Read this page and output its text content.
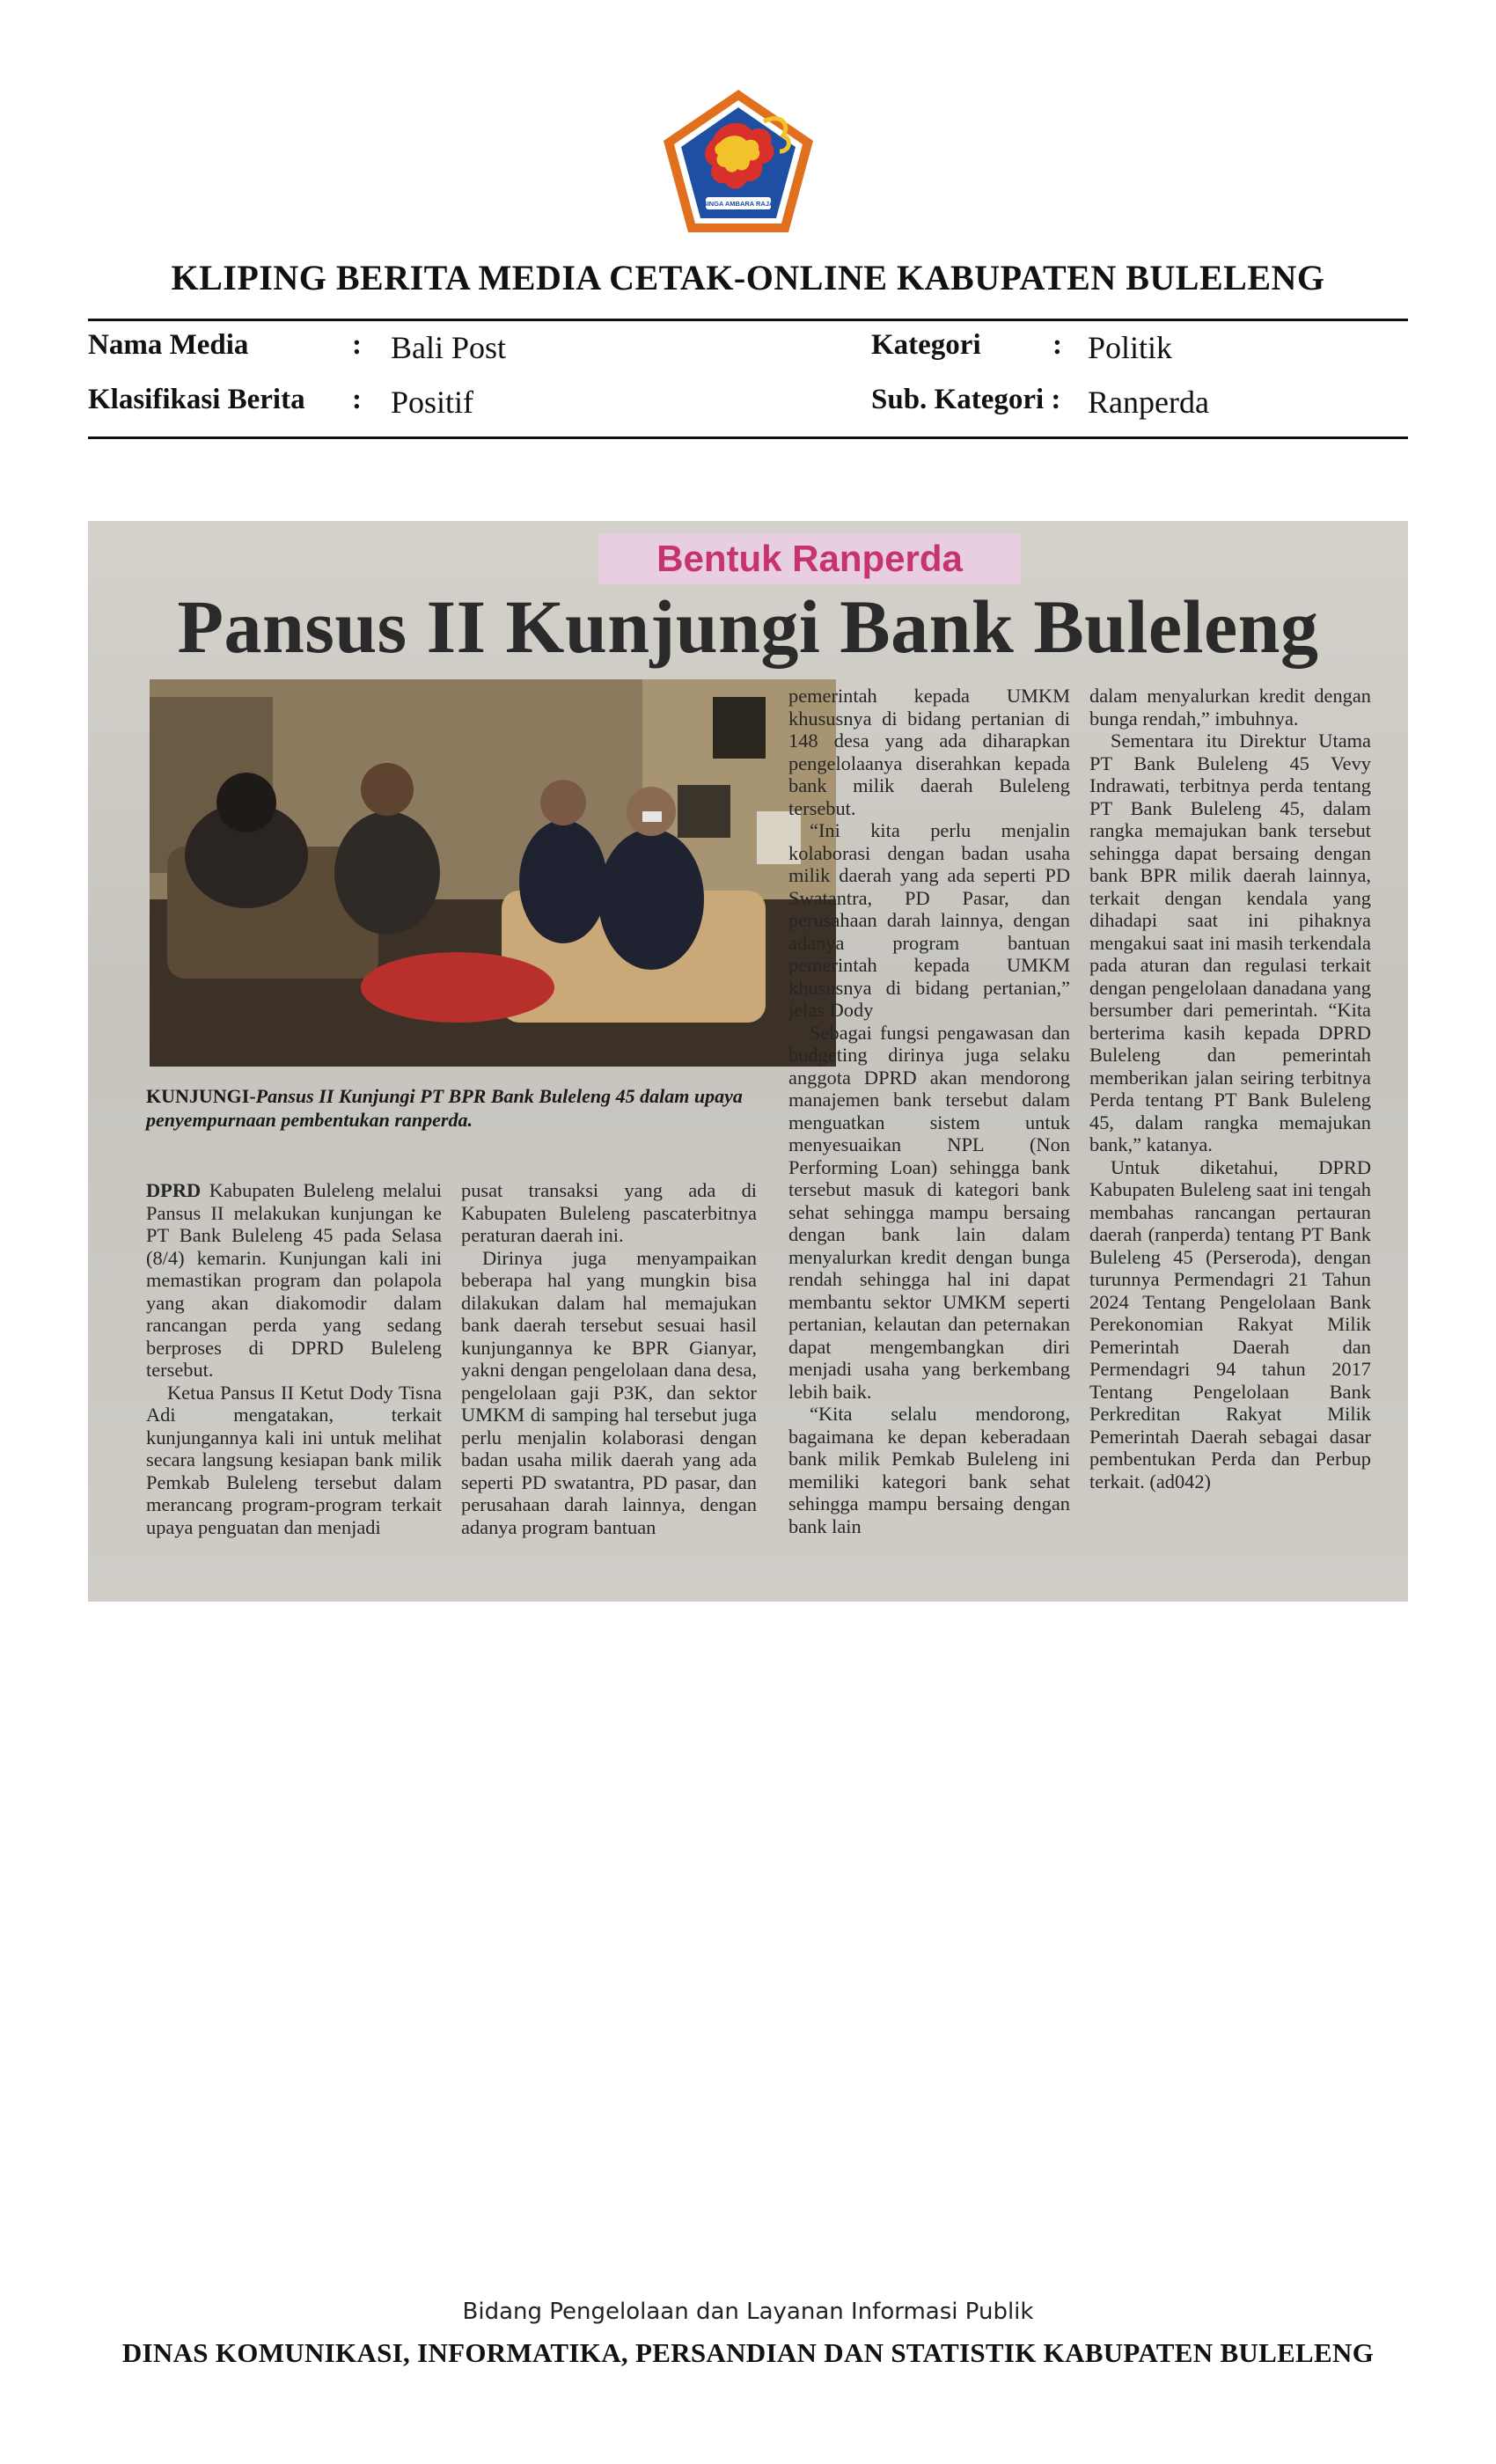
SINGA AMBARA RAJA
KLIPING BERITA MEDIA CETAK-ONLINE KABUPATEN BULELENG
Nama Media	: Bali Post	Kategori : Politik
Klasifikasi Berita : Positif	Sub. Kategori : Ranperda
Bentuk Ranperda
Pansus II Kunjungi Bank Buleleng
KUNJUNGI-Pansus II Kunjungi PT BPR Bank Buleleng 45 dalam upaya penyempurnaan pembentukan ranperda.

DPRD Kabupaten Buleleng melalui Pansus II melakukan kunjungan ke PT Bank Buleleng 45 pada Selasa (8/4) kemarin. Kunjungan kali ini memastikan program dan polapola yang akan diakomodir dalam rancangan perda yang sedang berproses di DPRD Buleleng tersebut.

Ketua Pansus II Ketut Dody Tisna Adi mengatakan, terkait kunjungannya kali ini untuk melihat secara langsung kesiapan bank milik Pemkab Buleleng tersebut dalam merancang program-program terkait upaya penguatan dan menjadi

pusat transaksi yang ada di Kabupaten Buleleng pascaterbitnya peraturan daerah ini.

Dirinya juga menyampaikan beberapa hal yang mungkin bisa dilakukan dalam hal memajukan bank daerah tersebut sesuai hasil kunjungannya ke BPR Gianyar, yakni dengan pengelolaan dana desa, pengelolaan gaji P3K, dan sektor UMKM di samping hal tersebut juga perlu menjalin kolaborasi dengan badan usaha milik daerah yang ada seperti PD swatantra, PD pasar, dan perusahaan darah lainnya, dengan adanya program bantuan

pemerintah kepada UMKM khususnya di bidang pertanian di 148 desa yang ada diharapkan pengelolaanya diserahkan kepada bank milik daerah Buleleng tersebut.

“Ini kita perlu menjalin kolaborasi dengan badan usaha milik daerah yang ada seperti PD Swatantra, PD Pasar, dan perusahaan darah lainnya, dengan adanya program bantuan pemerintah kepada UMKM khususnya di bidang pertanian,” jelas Dody

Sebagai fungsi pengawasan dan budgeting dirinya juga selaku anggota DPRD akan mendorong manajemen bank tersebut dalam menguatkan sistem untuk menyesuaikan NPL (Non Performing Loan) sehingga bank tersebut masuk di kategori bank sehat sehingga mampu bersaing dengan bank lain dalam menyalurkan kredit dengan bunga rendah sehingga hal ini dapat membantu sektor UMKM seperti pertanian, kelautan dan peternakan dapat mengembangkan diri menjadi usaha yang berkembang lebih baik.

“Kita selalu mendorong, bagaimana ke depan keberadaan bank milik Pemkab Buleleng ini memiliki kategori bank sehat sehingga mampu bersaing dengan bank lain

dalam menyalurkan kredit dengan bunga rendah,” imbuhnya.

Sementara itu Direktur Utama PT Bank Buleleng 45 Vevy Indrawati, terbitnya perda tentang PT Bank Buleleng 45, dalam rangka memajukan bank tersebut sehingga dapat bersaing dengan bank BPR milik daerah lainnya, terkait dengan kendala yang dihadapi saat ini pihaknya mengakui saat ini masih terkendala pada aturan dan regulasi terkait dengan pengelolaan danadana yang bersumber dari pemerintah. “Kita berterima kasih kepada DPRD Buleleng dan pemerintah memberikan jalan seiring terbitnya Perda tentang PT Bank Buleleng 45, dalam rangka memajukan bank,” katanya.

Untuk diketahui, DPRD Kabupaten Buleleng saat ini tengah membahas rancangan pertauran daerah (ranperda) tentang PT Bank Buleleng 45 (Perseroda), dengan turunnya Permendagri 21 Tahun 2024 Tentang Pengelolaan Bank Perekonomian Rakyat Milik Pemerintah Daerah dan Permendagri 94 tahun 2017 Tentang Pengelolaan Bank Perkreditan Rakyat Milik Pemerintah Daerah sebagai dasar pembentukan Perda dan Perbup terkait. (ad042)

Bidang Pengelolaan dan Layanan Informasi Publik
DINAS KOMUNIKASI, INFORMATIKA, PERSANDIAN DAN STATISTIK KABUPATEN BULELENG
